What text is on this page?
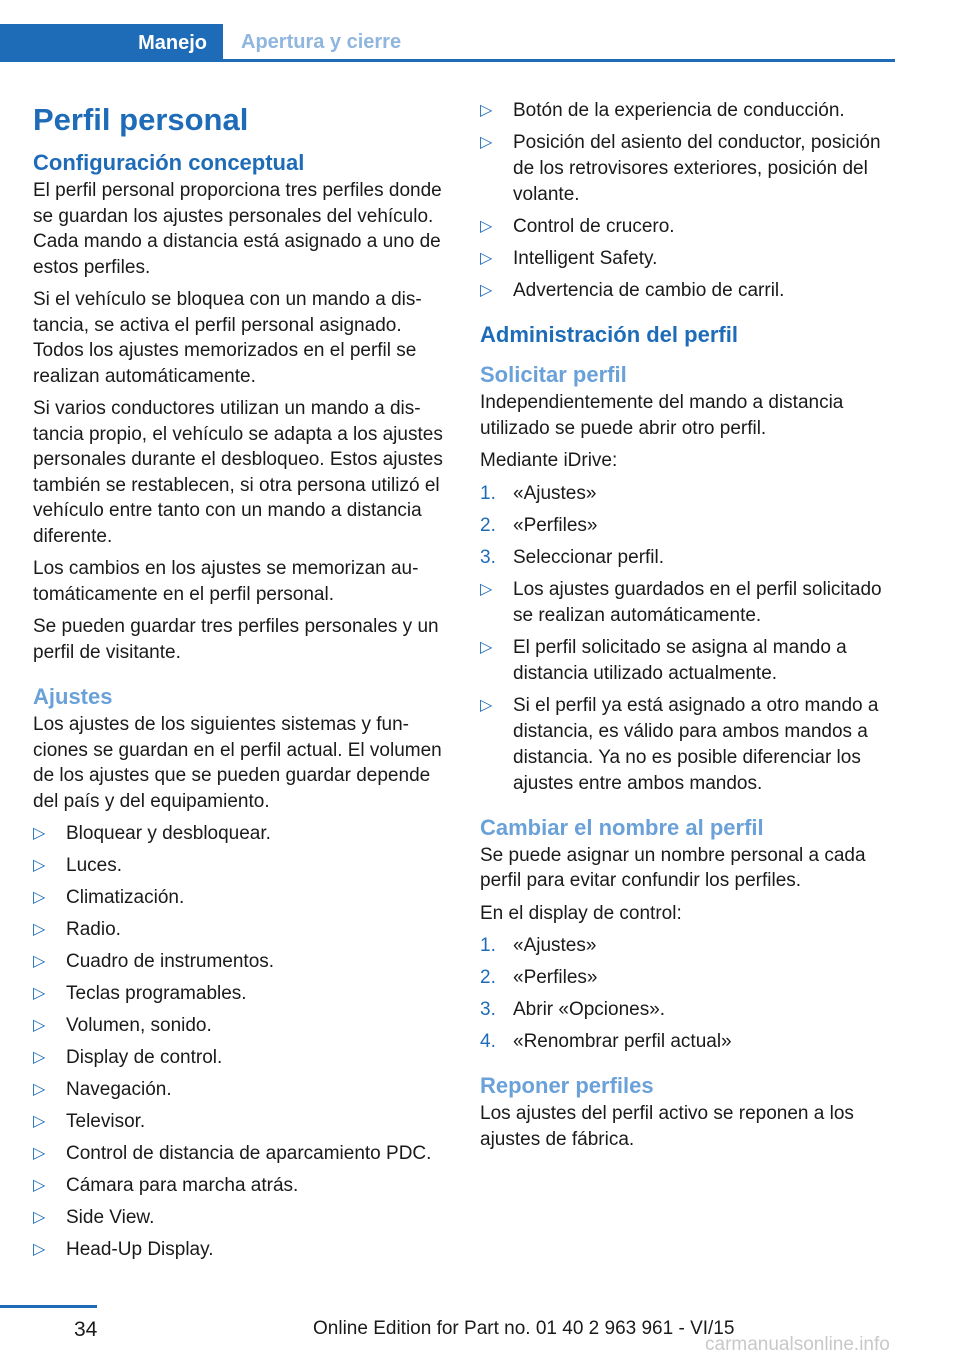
Manejo Apertura y cierre
Perfil personal
Configuración conceptual

El perfil personal proporciona tres perfiles donde se guardan los ajustes personales del vehículo. Cada mando a distancia está asignado a uno de estos perfiles.

Si el vehículo se bloquea con un mando a distancia, se activa el perfil personal asignado. Todos los ajustes memorizados en el perfil se realizan automáticamente.

Si varios conductores utilizan un mando a distancia propio, el vehículo se adapta a los ajustes personales durante el desbloqueo. Estos ajustes también se restablecen, si otra persona utilizó el vehículo entre tanto con un mando a distancia diferente.

Los cambios en los ajustes se memorizan automáticamente en el perfil personal.

Se pueden guardar tres perfiles personales y un perfil de visitante.

Ajustes

Los ajustes de los siguientes sistemas y funciones se guardan en el perfil actual. El volumen de los ajustes que se pueden guardar depende del país y del equipamiento.

▷ Bloquear y desbloquear.
▷ Luces.
▷ Climatización.
▷ Radio.
▷ Cuadro de instrumentos.
▷ Teclas programables.
▷ Volumen, sonido.
▷ Display de control.
▷ Navegación.
▷ Televisor.
▷ Control de distancia de aparcamiento PDC.
▷ Cámara para marcha atrás.
▷ Side View.
▷ Head-Up Display.
▷ Botón de la experiencia de conducción.
▷ Posición del asiento del conductor, posición de los retrovisores exteriores, posición del volante.
▷ Control de crucero.
▷ Intelligent Safety.
▷ Advertencia de cambio de carril.
Administración del perfil
Solicitar perfil

Independientemente del mando a distancia utilizado se puede abrir otro perfil.

Mediante iDrive:

1. «Ajustes»
2. «Perfiles»
3. Seleccionar perfil.
▷ Los ajustes guardados en el perfil solicitado se realizan automáticamente.
▷ El perfil solicitado se asigna al mando a distancia utilizado actualmente.
▷ Si el perfil ya está asignado a otro mando a distancia, es válido para ambos mandos a distancia. Ya no es posible diferenciar los ajustes entre ambos mandos.
Cambiar el nombre al perfil

Se puede asignar un nombre personal a cada perfil para evitar confundir los perfiles.

En el display de control:

1. «Ajustes»
2. «Perfiles»
3. Abrir «Opciones».
4. «Renombrar perfil actual»
Reponer perfiles

Los ajustes del perfil activo se reponen a los ajustes de fábrica.

34	Online Edition for Part no. 01 40 2 963 961 - VI/15
carmanualsonline.info
